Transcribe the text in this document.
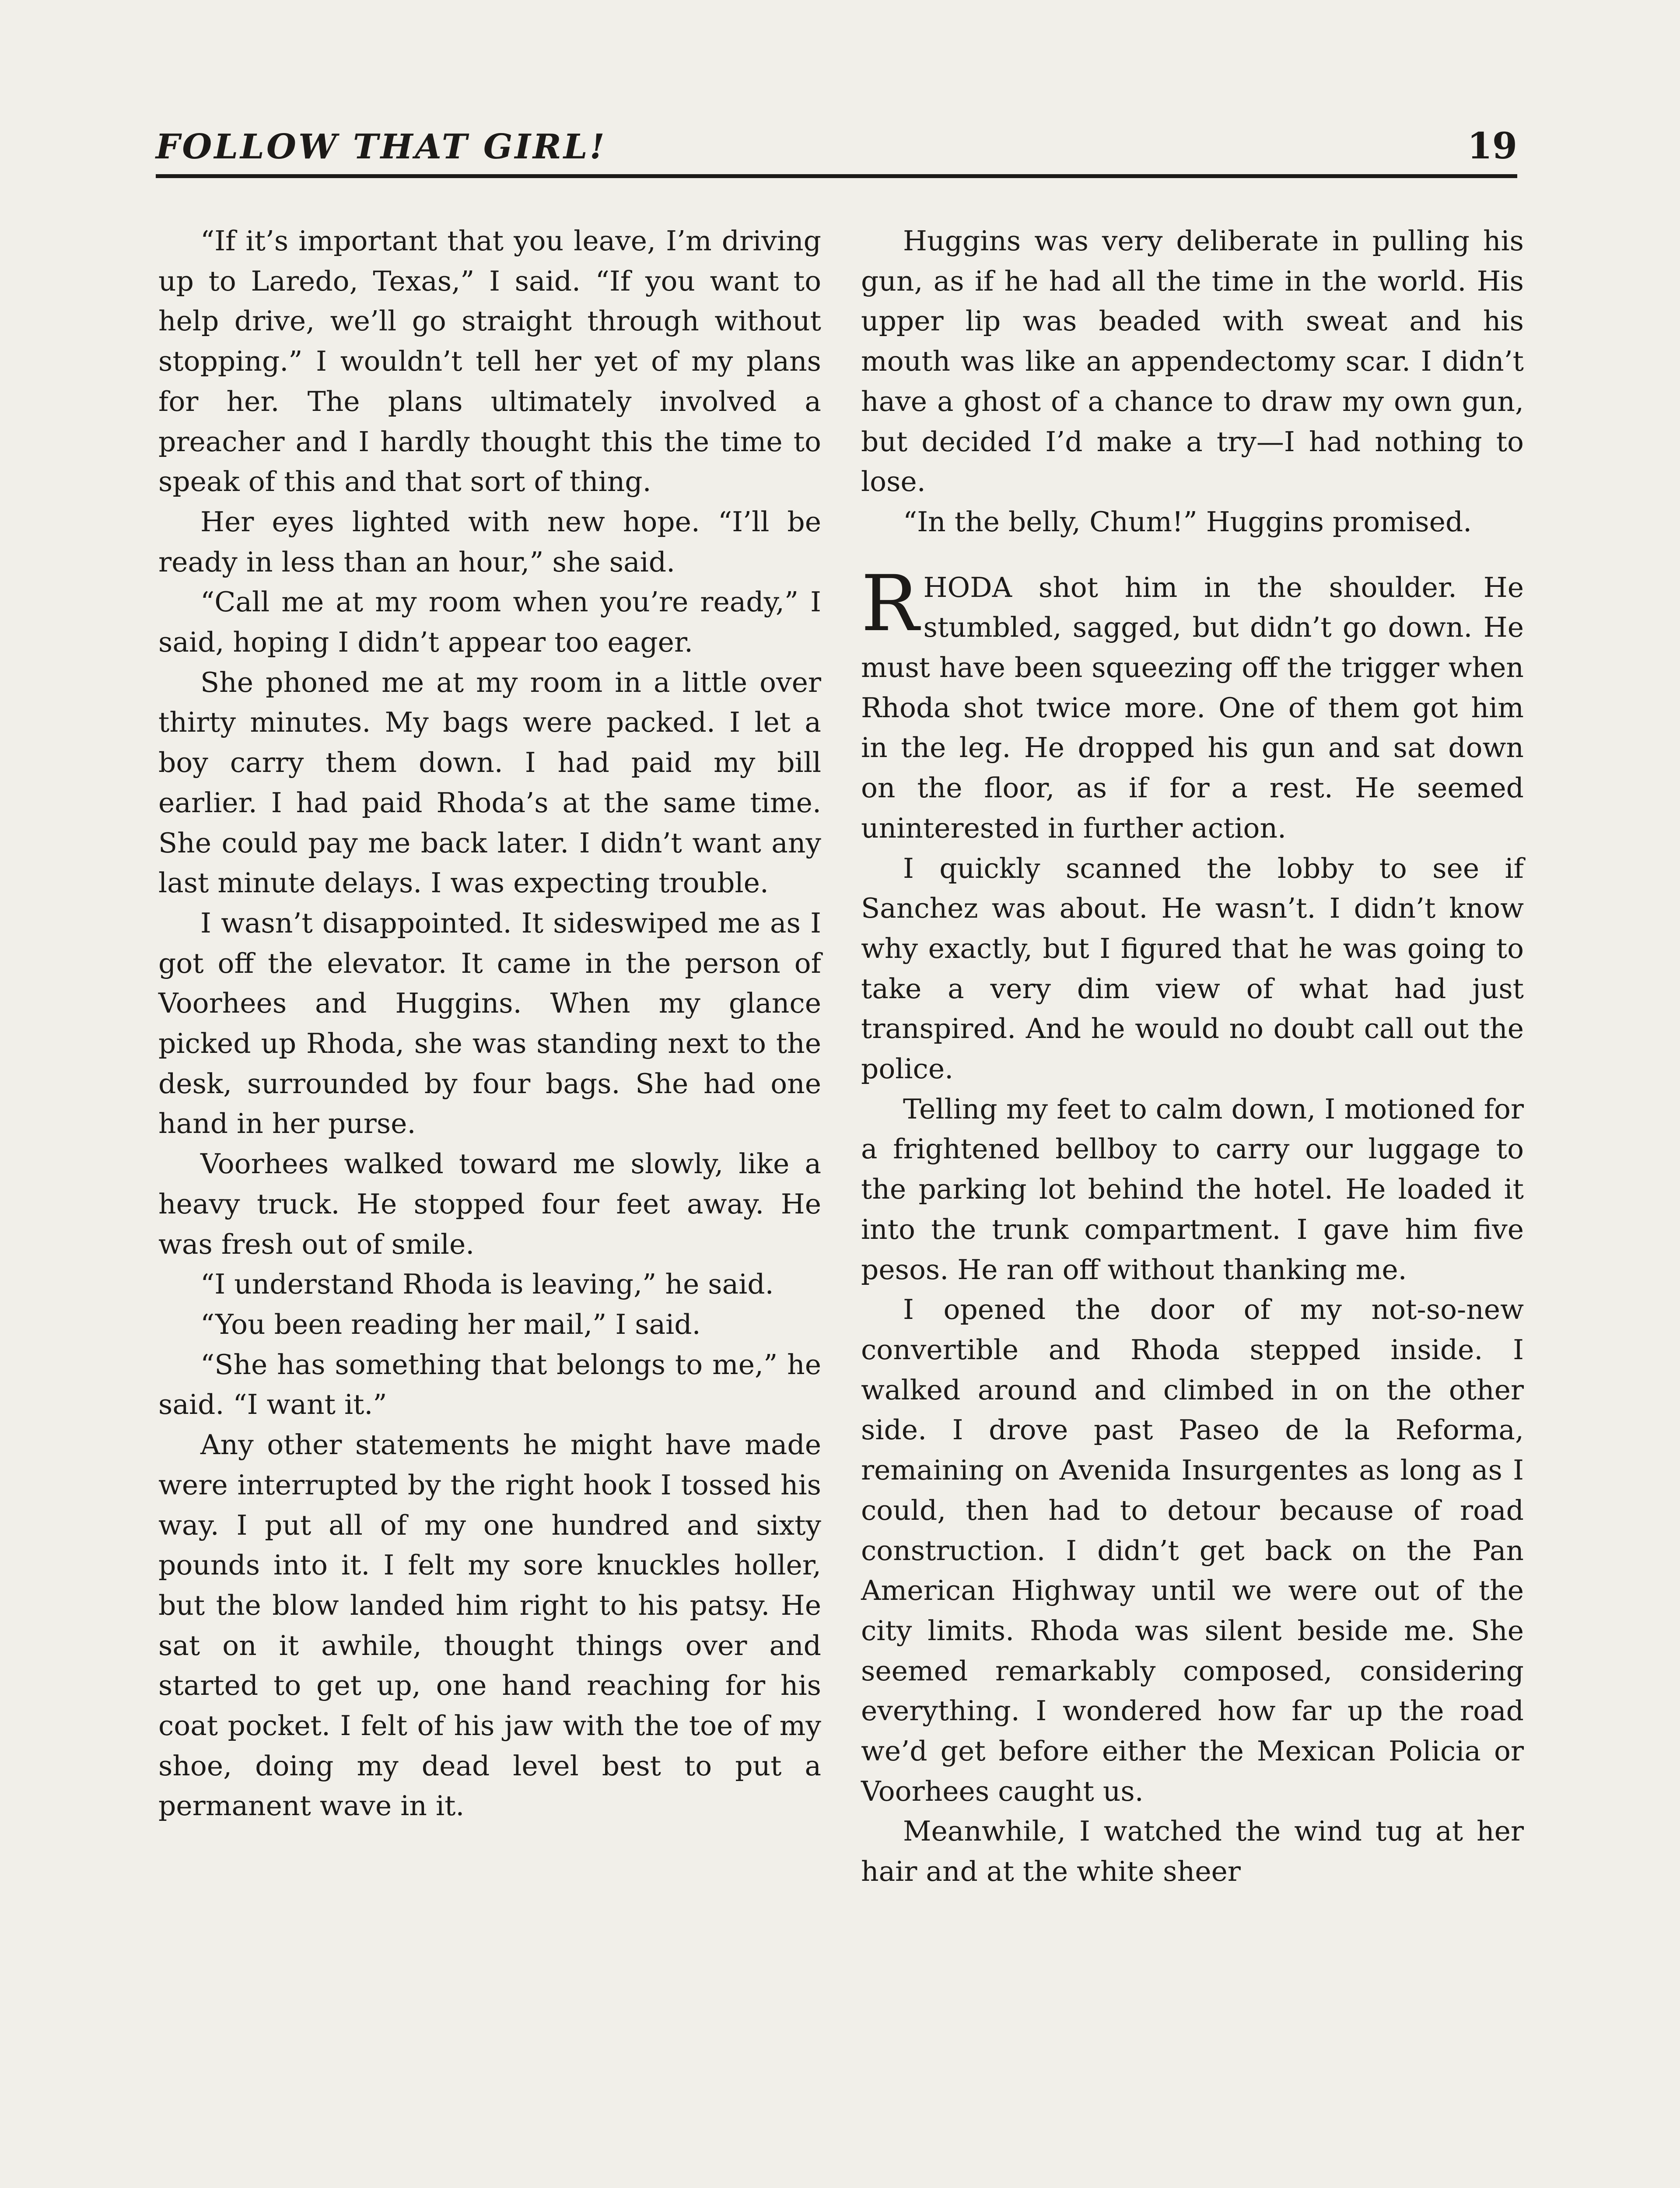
FOLLOW THAT GIRL!	19

“If it’s important that you leave, I’m driving up to Laredo, Texas,” I said. “If you want to help drive, we’ll go straight through without stopping.” I wouldn’t tell her yet of my plans for her. The plans ultimately involved a preacher and I hardly thought this the time to speak of this and that sort of thing.

Her eyes lighted with new hope. “I’ll be ready in less than an hour,” she said.

“Call me at my room when you’re ready,” I said, hoping I didn’t appear too eager.

She phoned me at my room in a little over thirty minutes. My bags were packed. I let a boy carry them down. I had paid my bill earlier. I had paid Rhoda’s at the same time. She could pay me back later. I didn’t want any last minute delays. I was expecting trouble.

I wasn’t disappointed. It sideswiped me as I got off the elevator. It came in the person of Voorhees and Huggins. When my glance picked up Rhoda, she was standing next to the desk, surrounded by four bags. She had one hand in her purse.

Voorhees walked toward me slowly, like a heavy truck. He stopped four feet away. He was fresh out of smile.

“I understand Rhoda is leaving,” he said.

“You been reading her mail,” I said.

“She has something that belongs to me,” he said. “I want it.”

Any other statements he might have made were interrupted by the right hook I tossed his way. I put all of my one hundred and sixty pounds into it. I felt my sore knuckles holler, but the blow landed him right to his patsy. He sat on it awhile, thought things over and started to get up, one hand reaching for his coat pocket. I felt of his jaw with the toe of my shoe, doing my dead level best to put a permanent wave in it.

Huggins was very deliberate in pulling his gun, as if he had all the time in the world. His upper lip was beaded with sweat and his mouth was like an appendectomy scar. I didn’t have a ghost of a chance to draw my own gun, but decided I’d make a try—I had nothing to lose.

“In the belly, Chum!” Huggins promised.

RHODA shot him in the shoulder. He stumbled, sagged, but didn’t go down. He must have been squeezing off the trigger when Rhoda shot twice more. One of them got him in the leg. He dropped his gun and sat down on the floor, as if for a rest. He seemed uninterested in further action.

I quickly scanned the lobby to see if Sanchez was about. He wasn’t. I didn’t know why exactly, but I figured that he was going to take a very dim view of what had just transpired. And he would no doubt call out the police.

Telling my feet to calm down, I motioned for a frightened bellboy to carry our luggage to the parking lot behind the hotel. He loaded it into the trunk compartment. I gave him five pesos. He ran off without thanking me.

I opened the door of my not-so-new convertible and Rhoda stepped inside. I walked around and climbed in on the other side. I drove past Paseo de la Reforma, remaining on Avenida Insurgentes as long as I could, then had to detour because of road construction. I didn’t get back on the Pan American Highway until we were out of the city limits. Rhoda was silent beside me. She seemed remarkably composed, considering everything. I wondered how far up the road we’d get before either the Mexican Policia or Voorhees caught us.

Meanwhile, I watched the wind tug at her hair and at the white sheer
